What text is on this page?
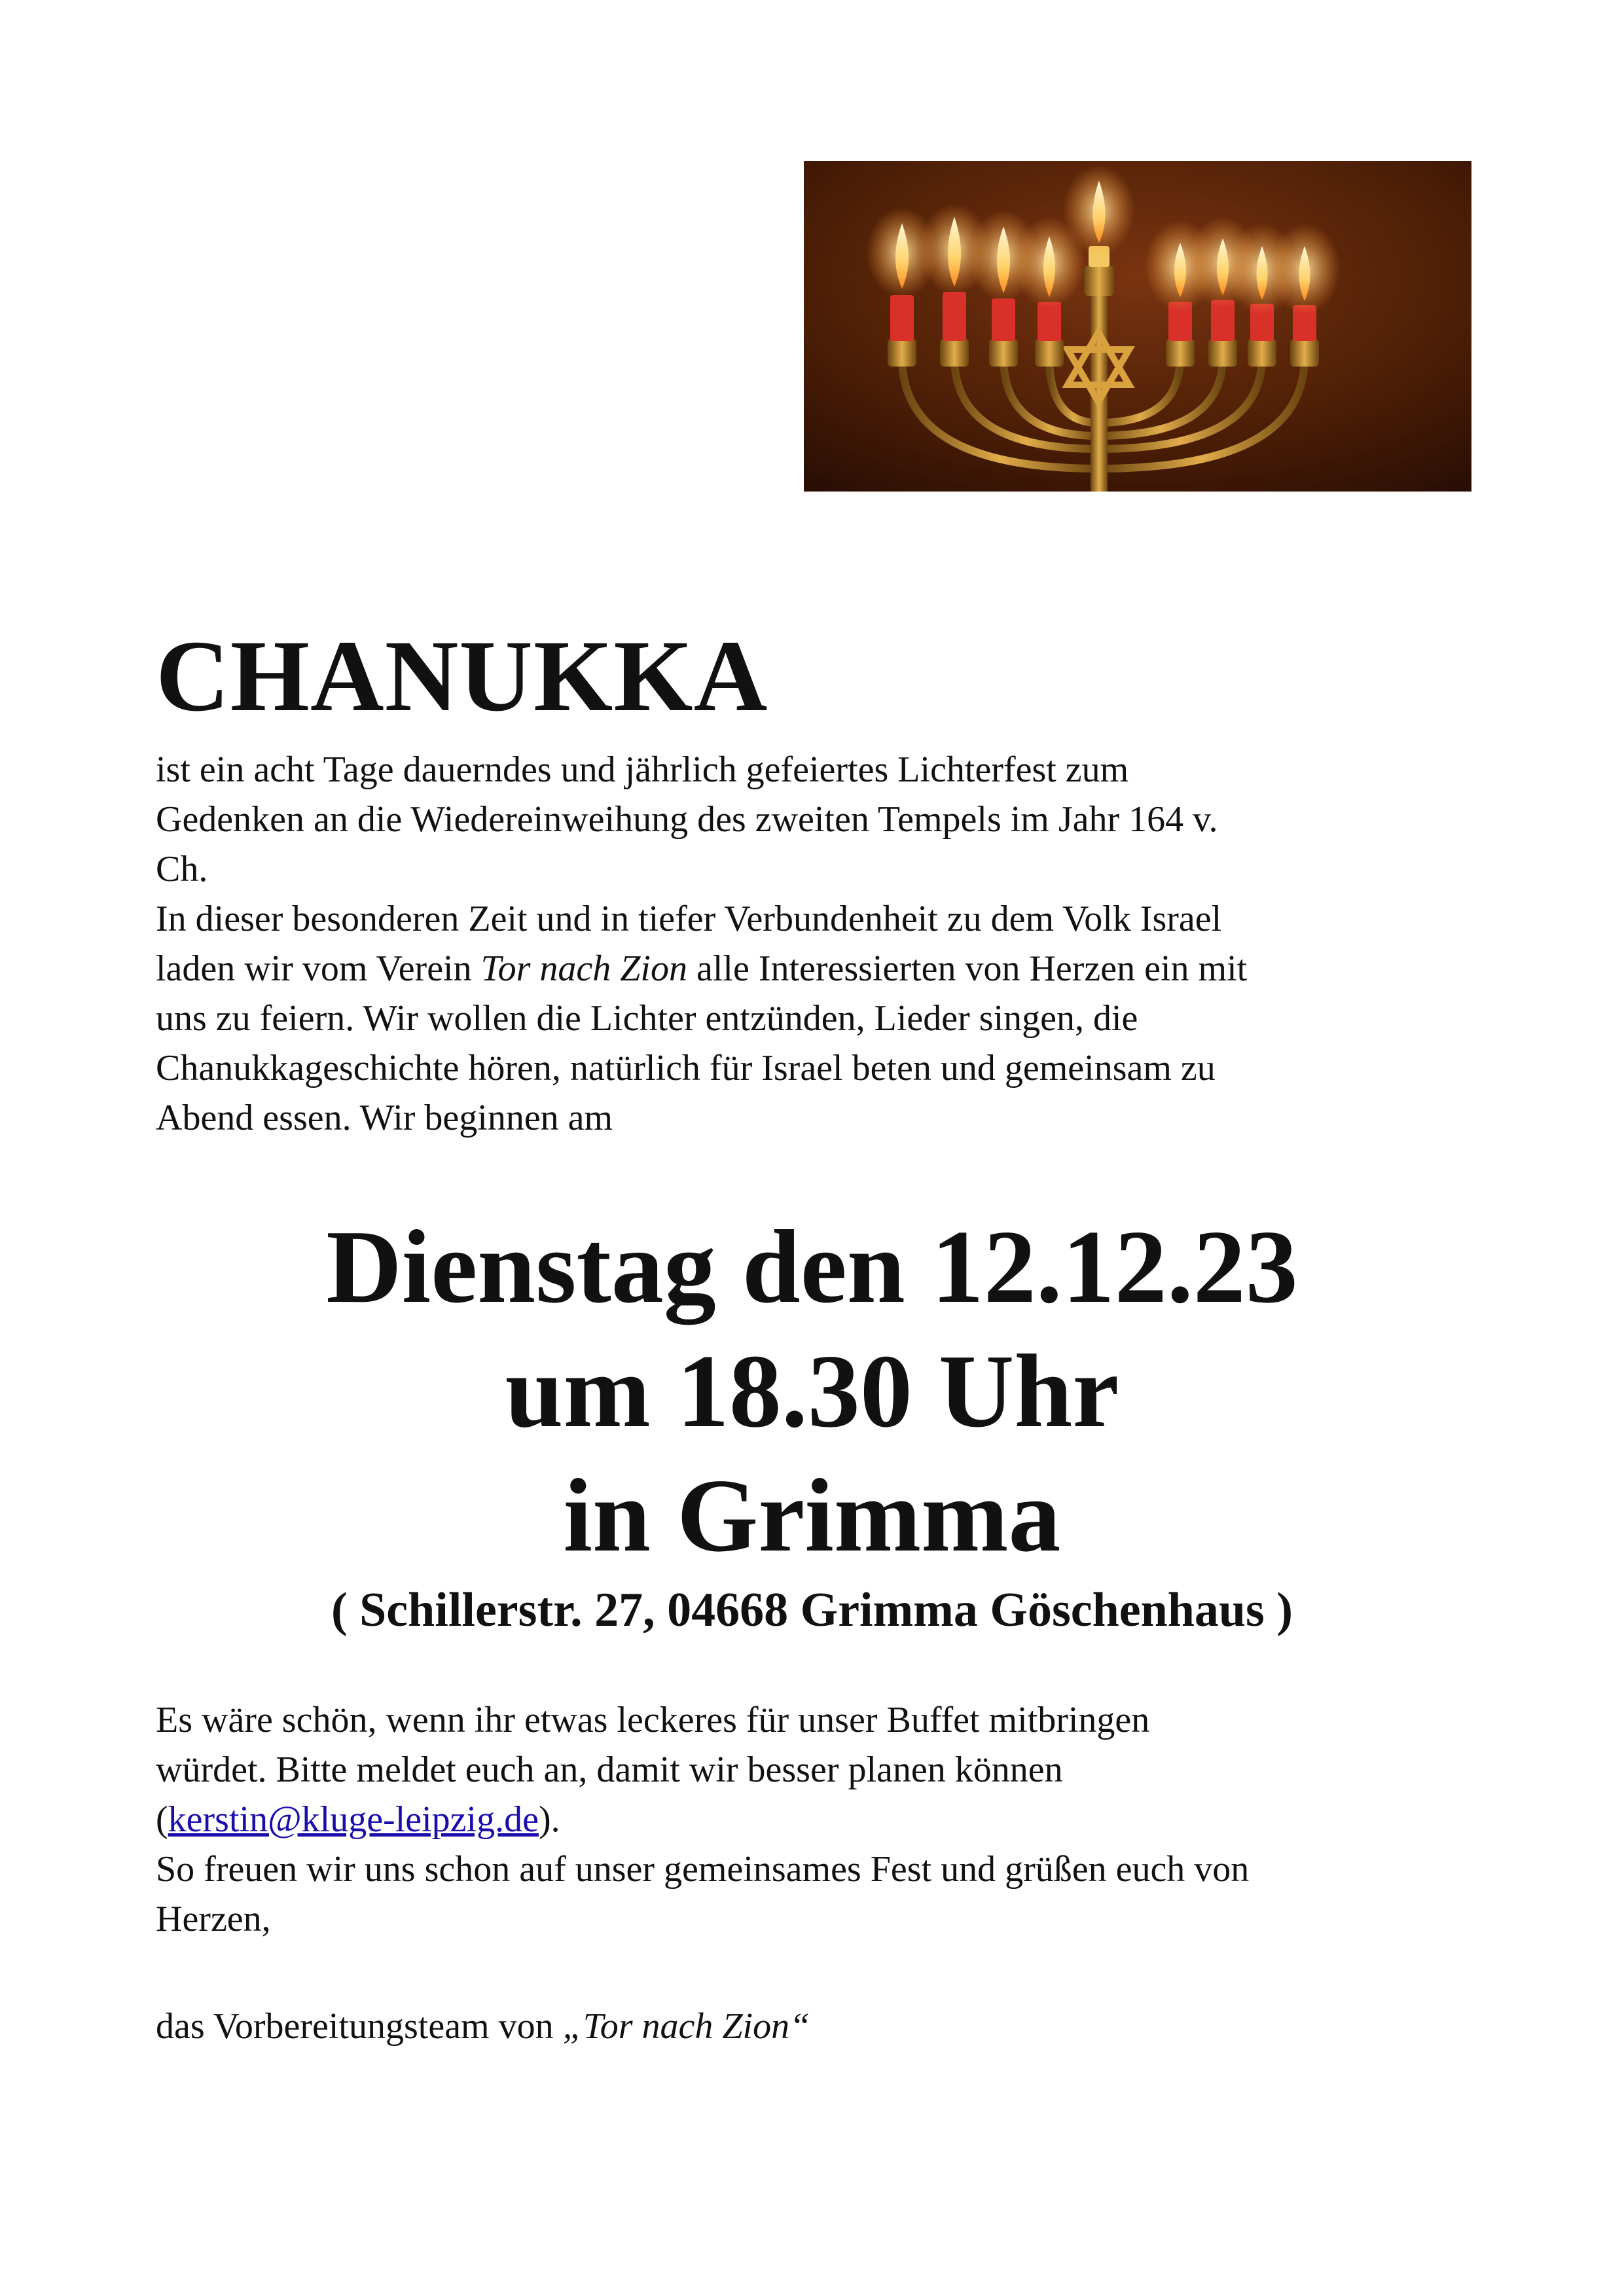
CHANUKKA
ist ein acht Tage dauerndes und jährlich gefeiertes Lichterfest zum
Gedenken an die Wiedereinweihung des zweiten Tempels im Jahr 164 v.
Ch.
In dieser besonderen Zeit und in tiefer Verbundenheit zu dem Volk Israel
laden wir vom Verein Tor nach Zion alle Interessierten von Herzen ein mit
uns zu feiern. Wir wollen die Lichter entzünden, Lieder singen, die
Chanukkageschichte hören, natürlich für Israel beten und gemeinsam zu
Abend essen. Wir beginnen am
Dienstag den 12.12.23
um 18.30 Uhr
in Grimma
( Schillerstr. 27, 04668 Grimma Göschenhaus )
Es wäre schön, wenn ihr etwas leckeres für unser Buffet mitbringen
würdet. Bitte meldet euch an, damit wir besser planen können
(kerstin@kluge-leipzig.de).
So freuen wir uns schon auf unser gemeinsames Fest und grüßen euch von
Herzen,
das Vorbereitungsteam von „Tor nach Zion“
